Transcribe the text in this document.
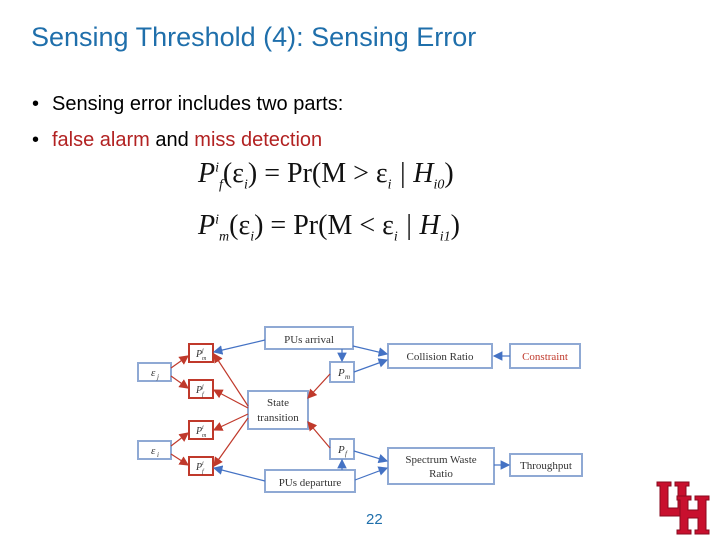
Sensing Threshold (4): Sensing Error
• Sensing error includes two parts:
• false alarm and miss detection
$P^i_f(\varepsilon_i) = Pr(M > \varepsilon_i$ | $H_{i0}$)
$P^i_m(\varepsilon_i) = Pr(M < \varepsilon_i$ | $H_{i1}$)
PUs arrival
PUs departure
State
transition
P m
P f
Collision Ratio	Constraint
Spectrum Waste
Ratio
Throughput
ε j
ε i
P j
m
P j
f
P i
m
P i
f
22
